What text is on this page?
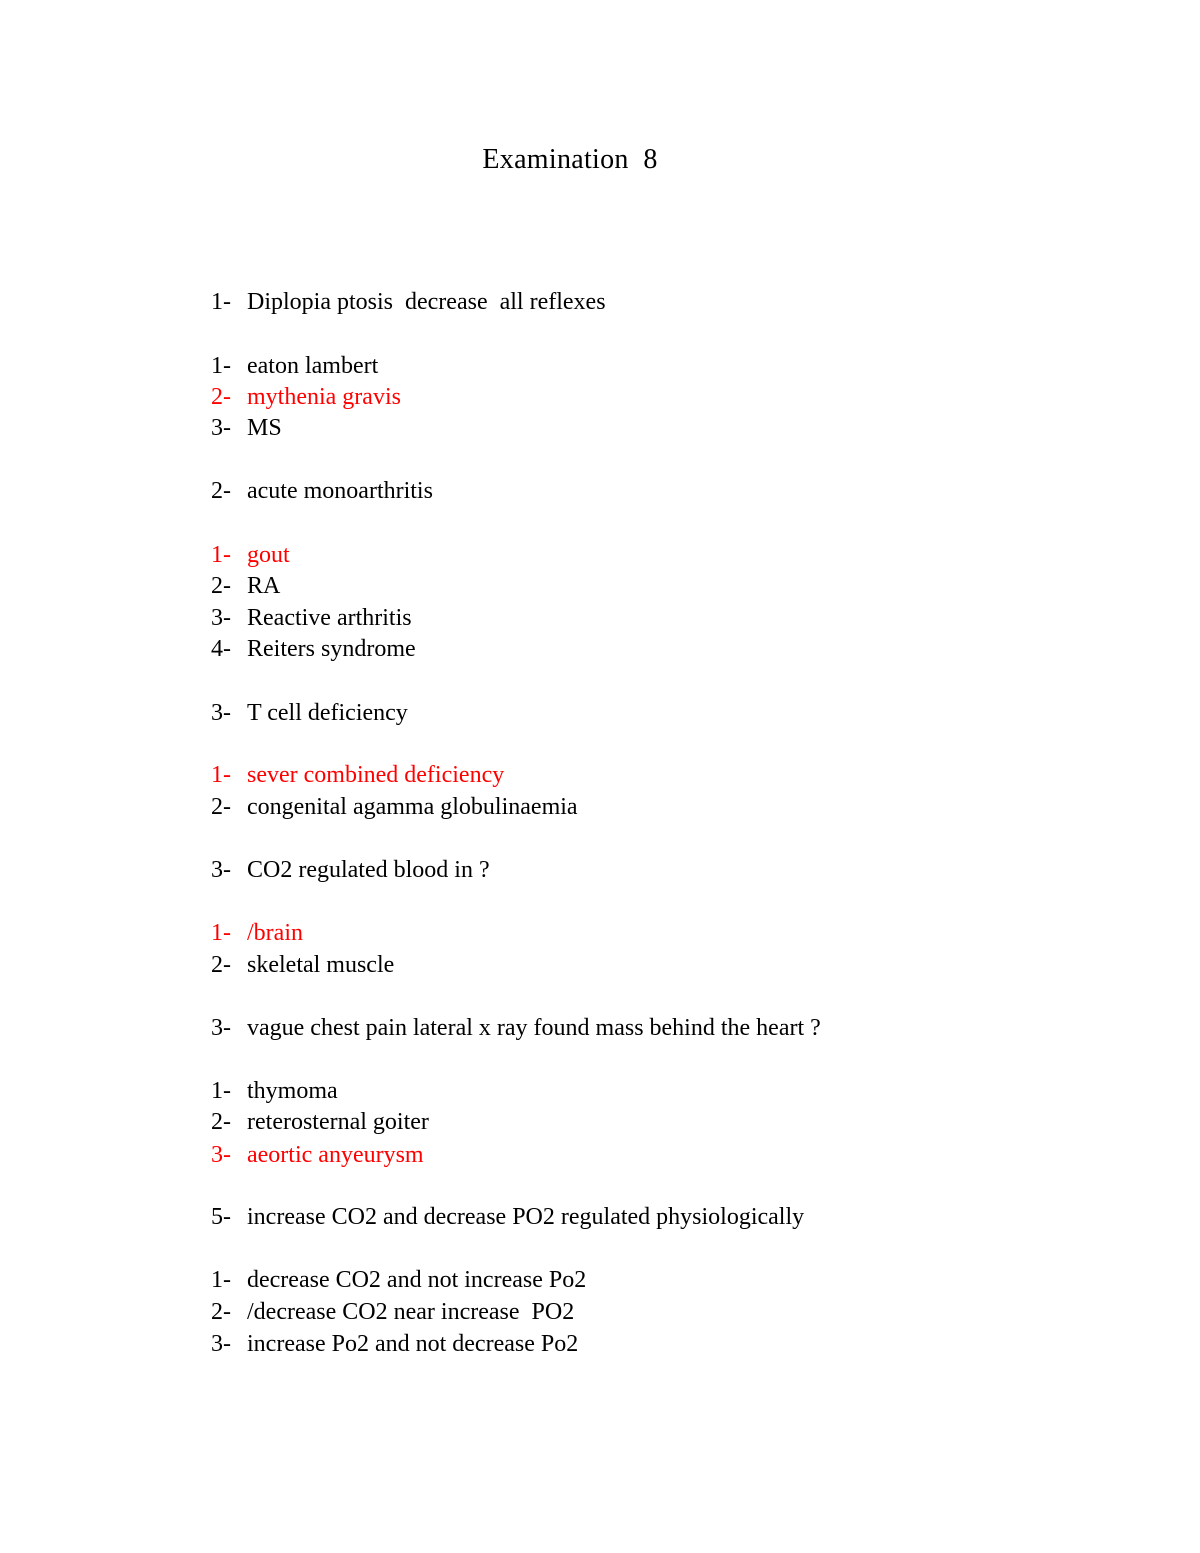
Examination  8
1- Diplopia ptosis  decrease  all reflexes
1- eaton lambert
2- mythenia gravis
3- MS
2- acute monoarthritis
1- gout
2- RA
3- Reactive arthritis
4- Reiters syndrome
3- T cell deficiency
1- sever combined deficiency
2- congenital agamma globulinaemia
3- CO2 regulated blood in ?
1- /brain
2- skeletal muscle
3- vague chest pain lateral x ray found mass behind the heart ?
1- thymoma
2- reterosternal goiter
3- aeortic anyeurysm
5- increase CO2 and decrease PO2 regulated physiologically
1- decrease CO2 and not increase Po2
2- /decrease CO2 near increase  PO2
3- increase Po2 and not decrease Po2
